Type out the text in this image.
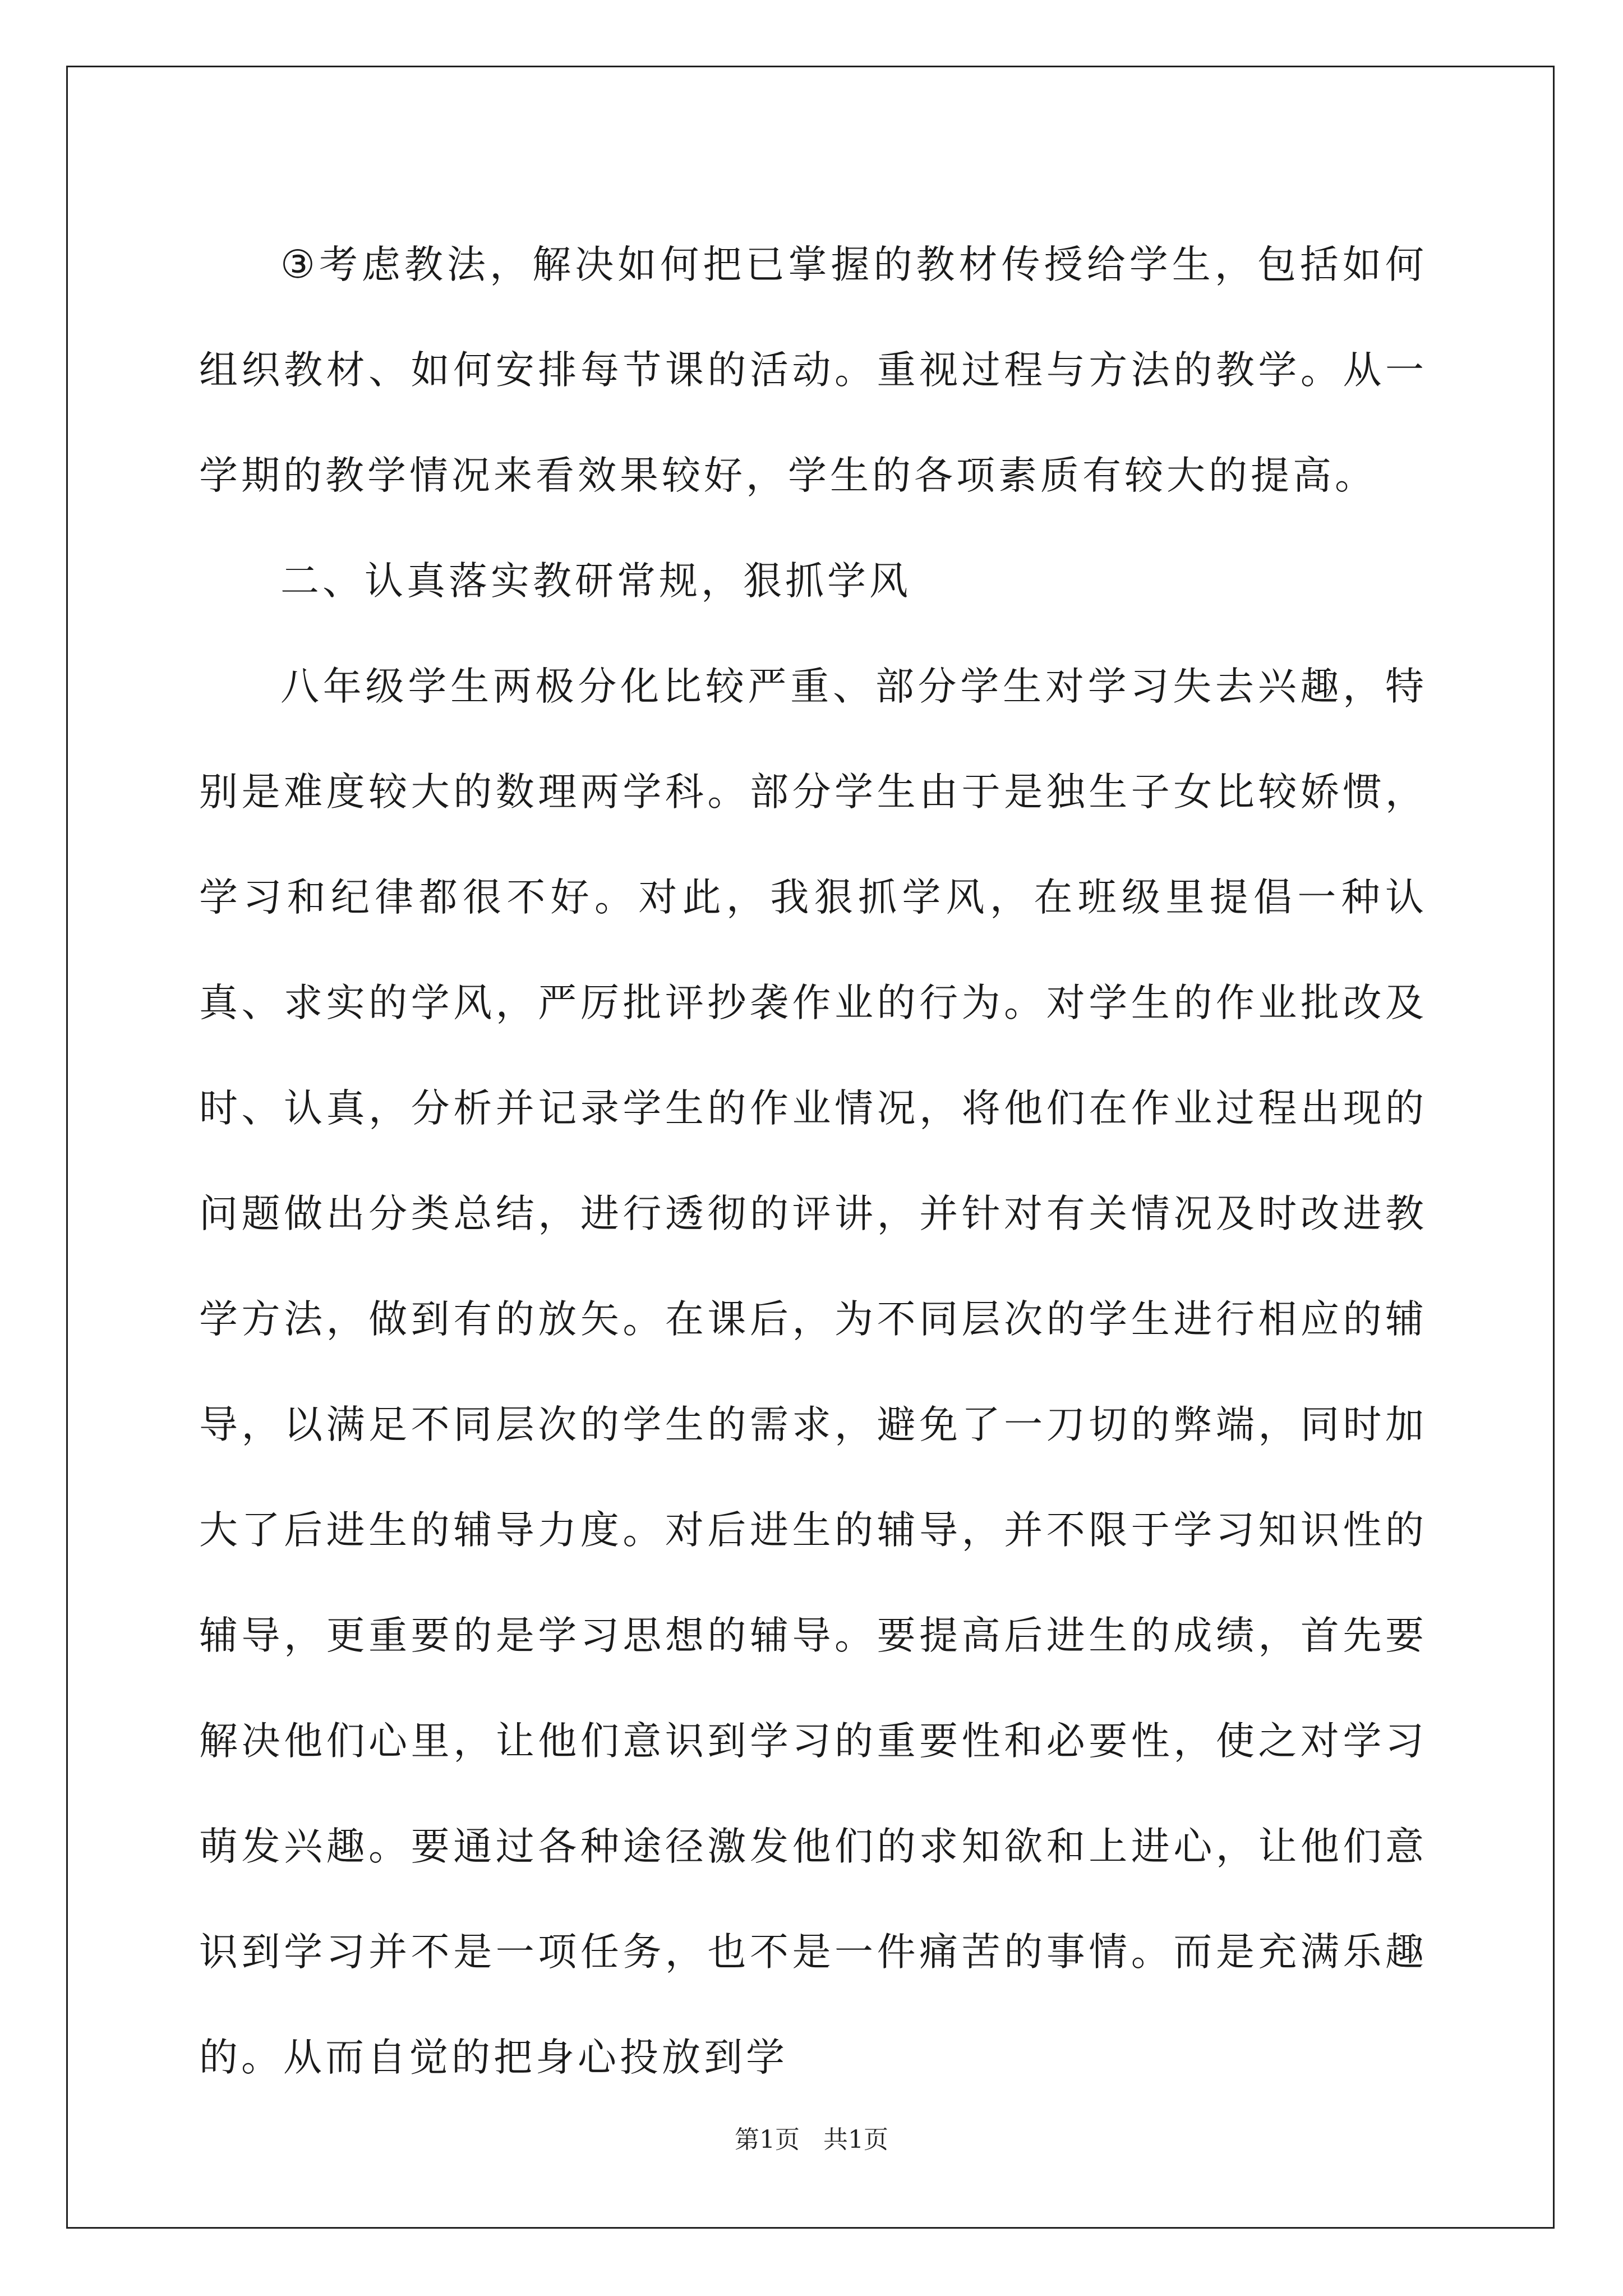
③考虑教法，解决如何把已掌握的教材传授给学生，包括如何组织教材、如何安排每节课的活动。重视过程与方法的教学。从一学期的教学情况来看效果较好，学生的各项素质有较大的提高。

二、认真落实教研常规，狠抓学风

八年级学生两极分化比较严重、部分学生对学习失去兴趣，特别是难度较大的数理两学科。部分学生由于是独生子女比较娇惯，学习和纪律都很不好。对此，我狠抓学风，在班级里提倡一种认真、求实的学风，严厉批评抄袭作业的行为。对学生的作业批改及时、认真，分析并记录学生的作业情况，将他们在作业过程出现的问题做出分类总结，进行透彻的评讲，并针对有关情况及时改进教学方法，做到有的放矢。在课后，为不同层次的学生进行相应的辅导，以满足不同层次的学生的需求，避免了一刀切的弊端，同时加大了后进生的辅导力度。对后进生的辅导，并不限于学习知识性的辅导，更重要的是学习思想的辅导。要提高后进生的成绩，首先要解决他们心里，让他们意识到学习的重要性和必要性，使之对学习萌发兴趣。要通过各种途径激发他们的求知欲和上进心，让他们意识到学习并不是一项任务，也不是一件痛苦的事情。而是充满乐趣的。从而自觉的把身心投放到学

第1页 共1页
